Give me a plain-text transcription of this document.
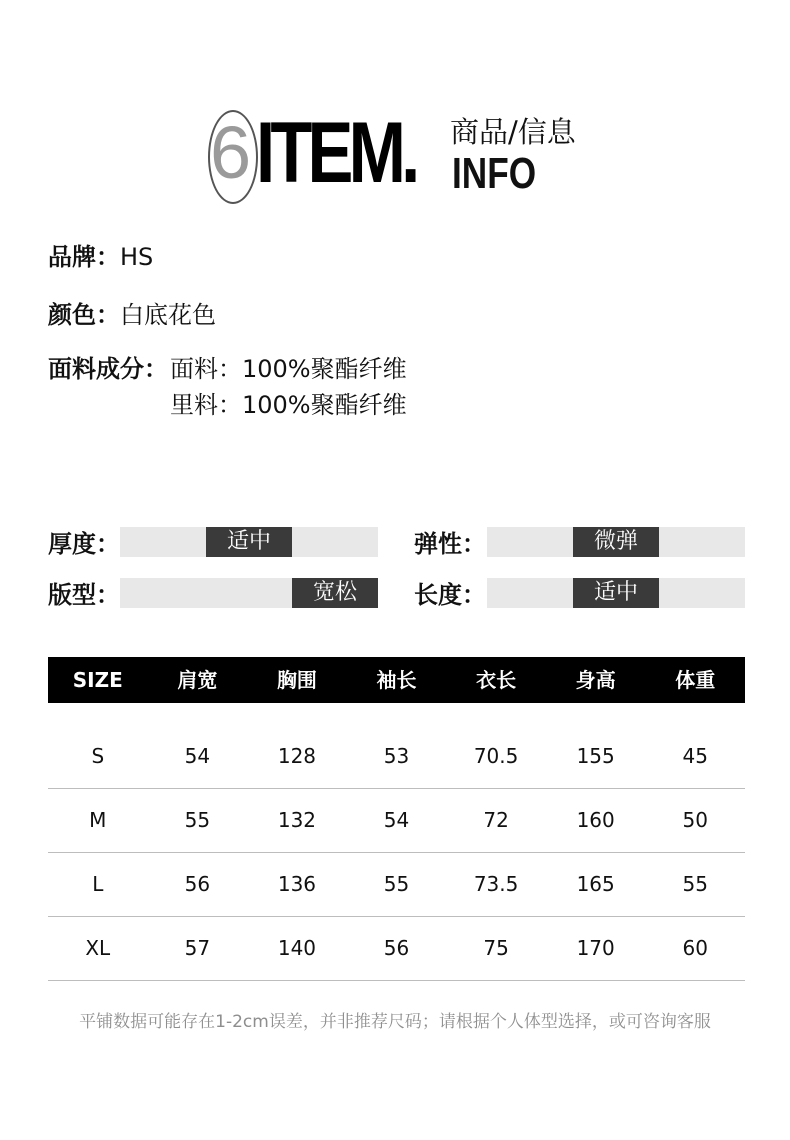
6 ITEM. 商品/信息
INFO
品牌：HS
颜色：白底花色
面料成分： 面料：100%聚酯纤维
里料：100%聚酯纤维
厚度：	适中	弹性：	微弹
版型：	宽松	长度：	适中
SIZE	肩宽	胸围	袖长	衣长	身高	体重
S	54	128	53	70.5	155	45
M	55	132	54	72	160	50
L	56	136	55	73.5	165	55
XL	57	140	56	75	170	60
平铺数据可能存在1-2cm误差，并非推荐尺码；请根据个人体型选择，或可咨询客服
